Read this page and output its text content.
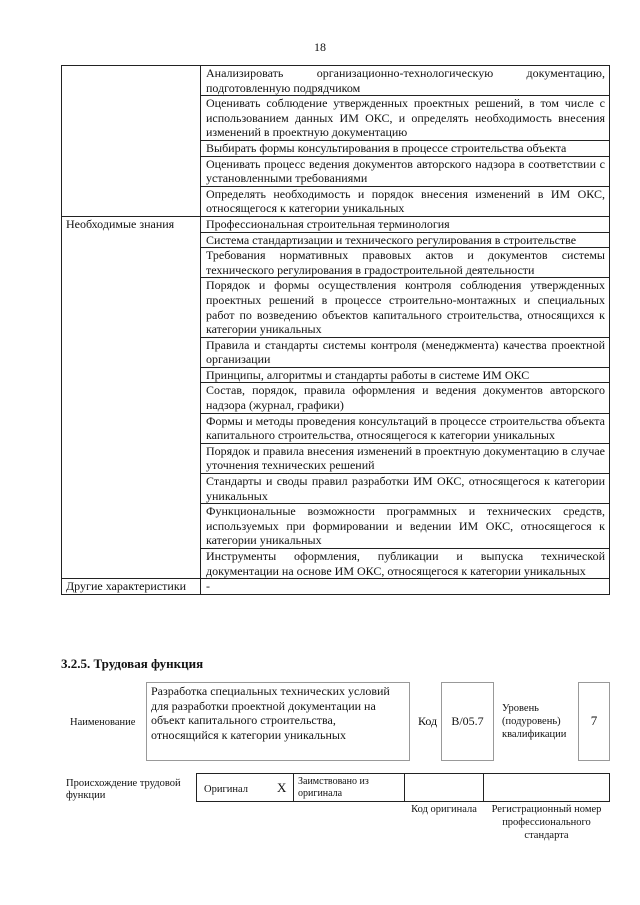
18
	Анализировать организационно-технологическую документацию, подготовленную подрядчиком
	Оценивать соблюдение утвержденных проектных решений, в том числе с использованием данных ИМ ОКС, и определять необходимость внесения изменений в проектную документацию
	Выбирать формы консультирования в процессе строительства объекта
	Оценивать процесс ведения документов авторского надзора в соответствии с установленными требованиями
	Определять необходимость и порядок внесения изменений в ИМ ОКС, относящегося к категории уникальных
Необходимые знания	Профессиональная строительная терминология
	Система стандартизации и технического регулирования в строительстве
	Требования нормативных правовых актов и документов системы технического регулирования в градостроительной деятельности
	Порядок и формы осуществления контроля соблюдения утвержденных проектных решений в процессе строительно-монтажных и специальных работ по возведению объектов капитального строительства, относящихся к категории уникальных
	Правила и стандарты системы контроля (менеджмента) качества проектной организации
	Принципы, алгоритмы и стандарты работы в системе ИМ ОКС
	Состав, порядок, правила оформления и ведения документов авторского надзора (журнал, графики)
	Формы и методы проведения консультаций в процессе строительства объекта капитального строительства, относящегося к категории уникальных
	Порядок и правила внесения изменений в проектную документацию в случае уточнения технических решений
	Стандарты и своды правил разработки ИМ ОКС, относящегося к категории уникальных
	Функциональные возможности программных и технических средств, используемых при формировании и ведении ИМ ОКС, относящегося к категории уникальных
	Инструменты оформления, публикации и выпуска технической документации на основе ИМ ОКС, относящегося к категории уникальных
Другие характеристики	-
3.2.5. Трудовая функция
Наименование
Разработка специальных технических условий для разработки проектной документации на объект капитального строительства, относящийся к категории уникальных
Код	B/05.7
Уровень (подуровень) квалификации
7
Происхождение трудовой функции
Оригинал X Заимствовано из оригинала
Код оригинала	Регистрационный номер профессионального стандарта
